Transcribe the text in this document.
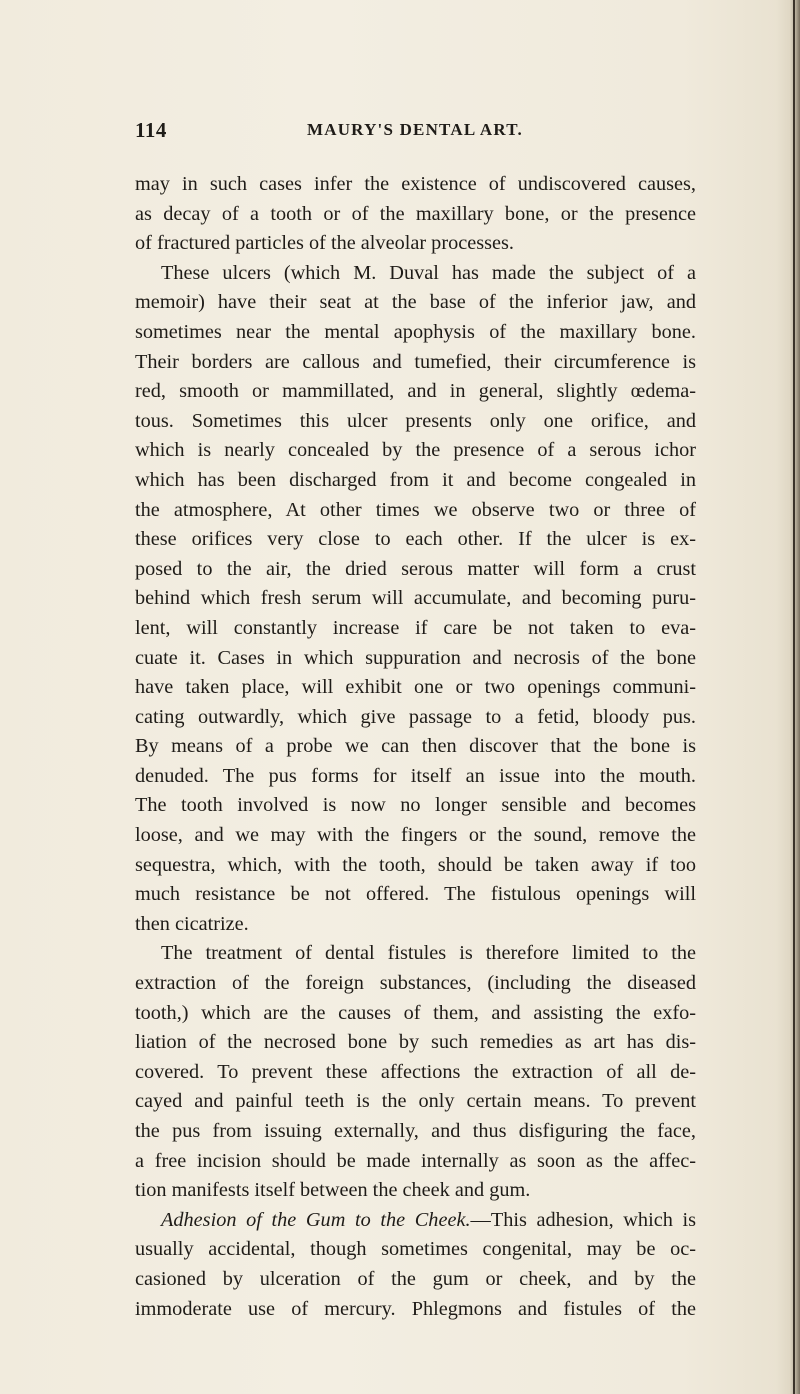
114	MAURY'S DENTAL ART.
may in such cases infer the existence of undiscovered causes,
as decay of a tooth or of the maxillary bone, or the presence
of fractured particles of the alveolar processes.
These ulcers (which M. Duval has made the subject of a
memoir) have their seat at the base of the inferior jaw, and
sometimes near the mental apophysis of the maxillary bone.
Their borders are callous and tumefied, their circumference is
red, smooth or mammillated, and in general, slightly œdema-
tous. Sometimes this ulcer presents only one orifice, and
which is nearly concealed by the presence of a serous ichor
which has been discharged from it and become congealed in
the atmosphere, At other times we observe two or three of
these orifices very close to each other. If the ulcer is ex-
posed to the air, the dried serous matter will form a crust
behind which fresh serum will accumulate, and becoming puru-
lent, will constantly increase if care be not taken to eva-
cuate it. Cases in which suppuration and necrosis of the bone
have taken place, will exhibit one or two openings communi-
cating outwardly, which give passage to a fetid, bloody pus.
By means of a probe we can then discover that the bone is
denuded. The pus forms for itself an issue into the mouth.
The tooth involved is now no longer sensible and becomes
loose, and we may with the fingers or the sound, remove the
sequestra, which, with the tooth, should be taken away if too
much resistance be not offered. The fistulous openings will
then cicatrize.
The treatment of dental fistules is therefore limited to the
extraction of the foreign substances, (including the diseased
tooth,) which are the causes of them, and assisting the exfo-
liation of the necrosed bone by such remedies as art has dis-
covered. To prevent these affections the extraction of all de-
cayed and painful teeth is the only certain means. To prevent
the pus from issuing externally, and thus disfiguring the face,
a free incision should be made internally as soon as the affec-
tion manifests itself between the cheek and gum.
Adhesion of the Gum to the Cheek.—This adhesion, which is
usually accidental, though sometimes congenital, may be oc-
casioned by ulceration of the gum or cheek, and by the
immoderate use of mercury. Phlegmons and fistules of the
